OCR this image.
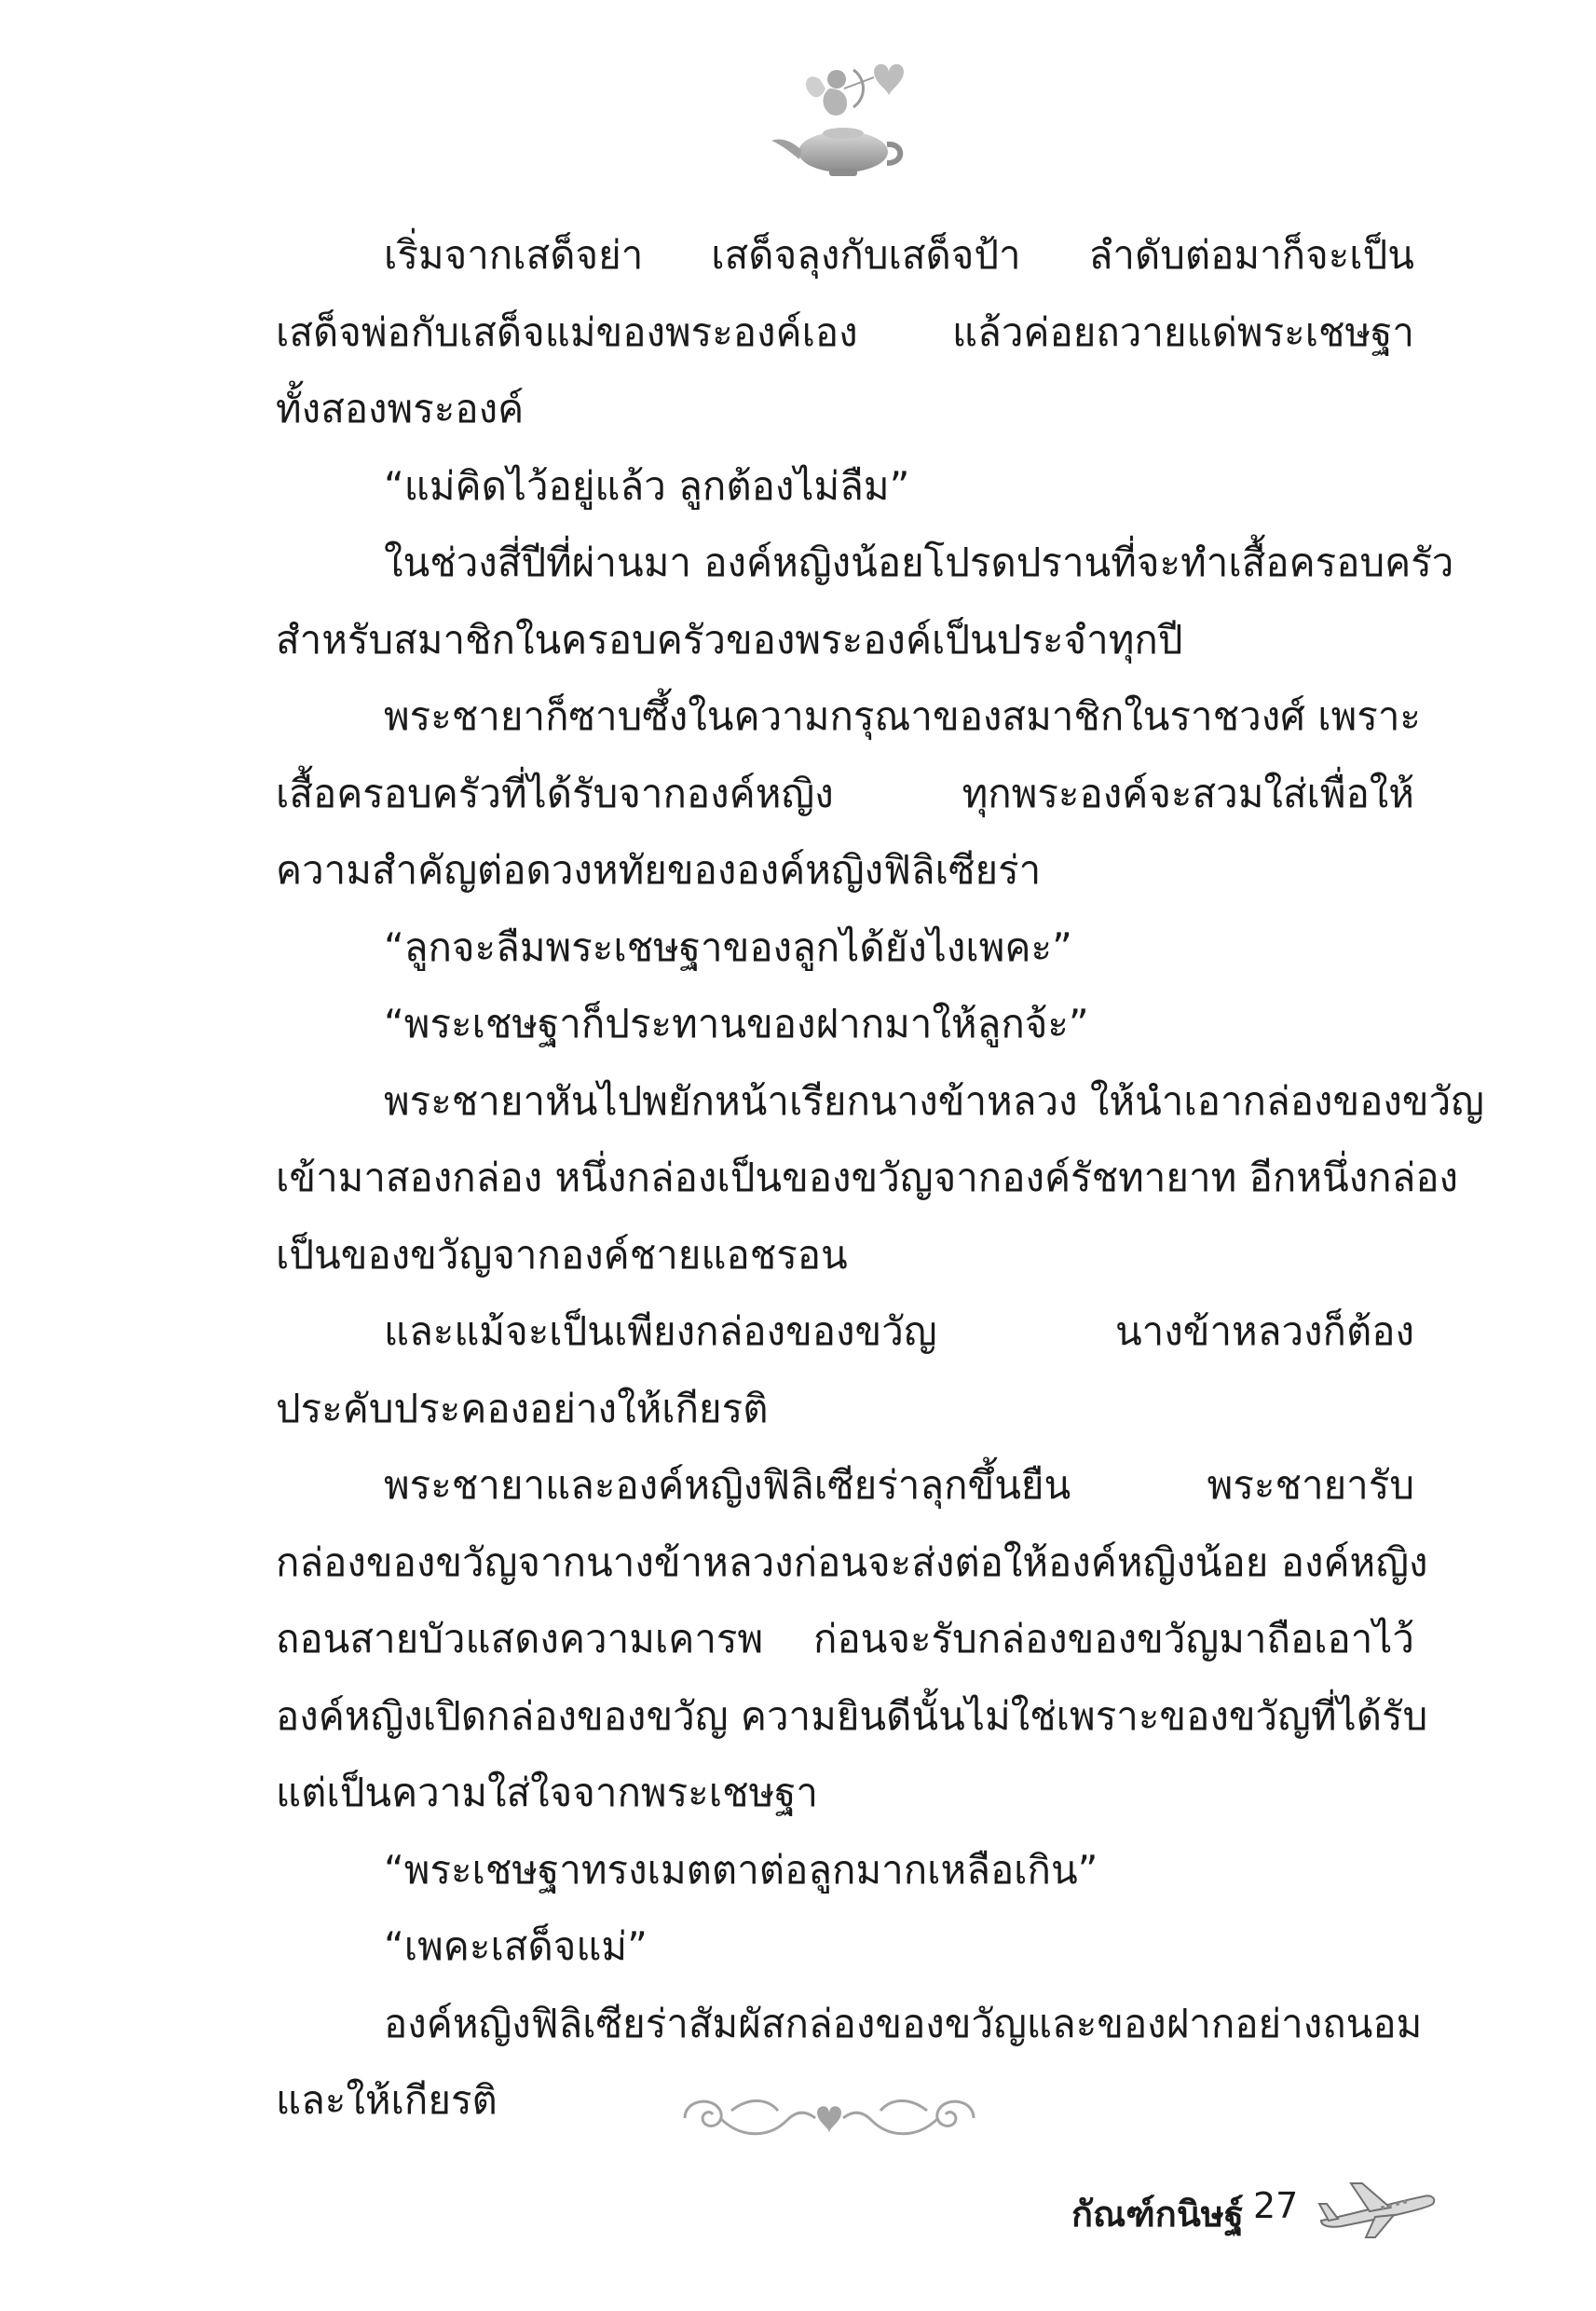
เริ่มจากเสด็จย่า เสด็จลุงกับเสด็จป้า ลำดับต่อมาก็จะเป็น
เสด็จพ่อกับเสด็จแม่ของพระองค์เอง แล้วค่อยถวายแด่พระเชษฐา
ทั้งสองพระองค์
“แม่คิดไว้อยู่แล้ว ลูกต้องไม่ลืม”
ในช่วงสี่ปีที่ผ่านมา องค์หญิงน้อยโปรดปรานที่จะทำเสื้อครอบครัว
สำหรับสมาชิกในครอบครัวของพระองค์เป็นประจำทุกปี
พระชายาก็ซาบซึ้งในความกรุณาของสมาชิกในราชวงศ์ เพราะ
เสื้อครอบครัวที่ได้รับจากองค์หญิง ทุกพระองค์จะสวมใส่เพื่อให้
ความสำคัญต่อดวงหทัยขององค์หญิงฟิลิเซียร่า
“ลูกจะลืมพระเชษฐาของลูกได้ยังไงเพคะ”
“พระเชษฐาก็ประทานของฝากมาให้ลูกจ้ะ”
พระชายาหันไปพยักหน้าเรียกนางข้าหลวง ให้นำเอากล่องของขวัญ
เข้ามาสองกล่อง หนึ่งกล่องเป็นของขวัญจากองค์รัชทายาท อีกหนึ่งกล่อง
เป็นของขวัญจากองค์ชายแอชรอน
และแม้จะเป็นเพียงกล่องของขวัญ นางข้าหลวงก็ต้อง
ประคับประคองอย่างให้เกียรติ
พระชายาและองค์หญิงฟิลิเซียร่าลุกขึ้นยืน พระชายารับ
กล่องของขวัญจากนางข้าหลวงก่อนจะส่งต่อให้องค์หญิงน้อย องค์หญิง
ถอนสายบัวแสดงความเคารพ ก่อนจะรับกล่องของขวัญมาถือเอาไว้
องค์หญิงเปิดกล่องของขวัญ ความยินดีนั้นไม่ใช่เพราะของขวัญที่ได้รับ
แต่เป็นความใส่ใจจากพระเชษฐา
“พระเชษฐาทรงเมตตาต่อลูกมากเหลือเกิน”
“เพคะเสด็จแม่”
องค์หญิงฟิลิเซียร่าสัมผัสกล่องของขวัญและของฝากอย่างถนอม
และให้เกียรติ
กัณฑ์กนิษฐ์ 27
